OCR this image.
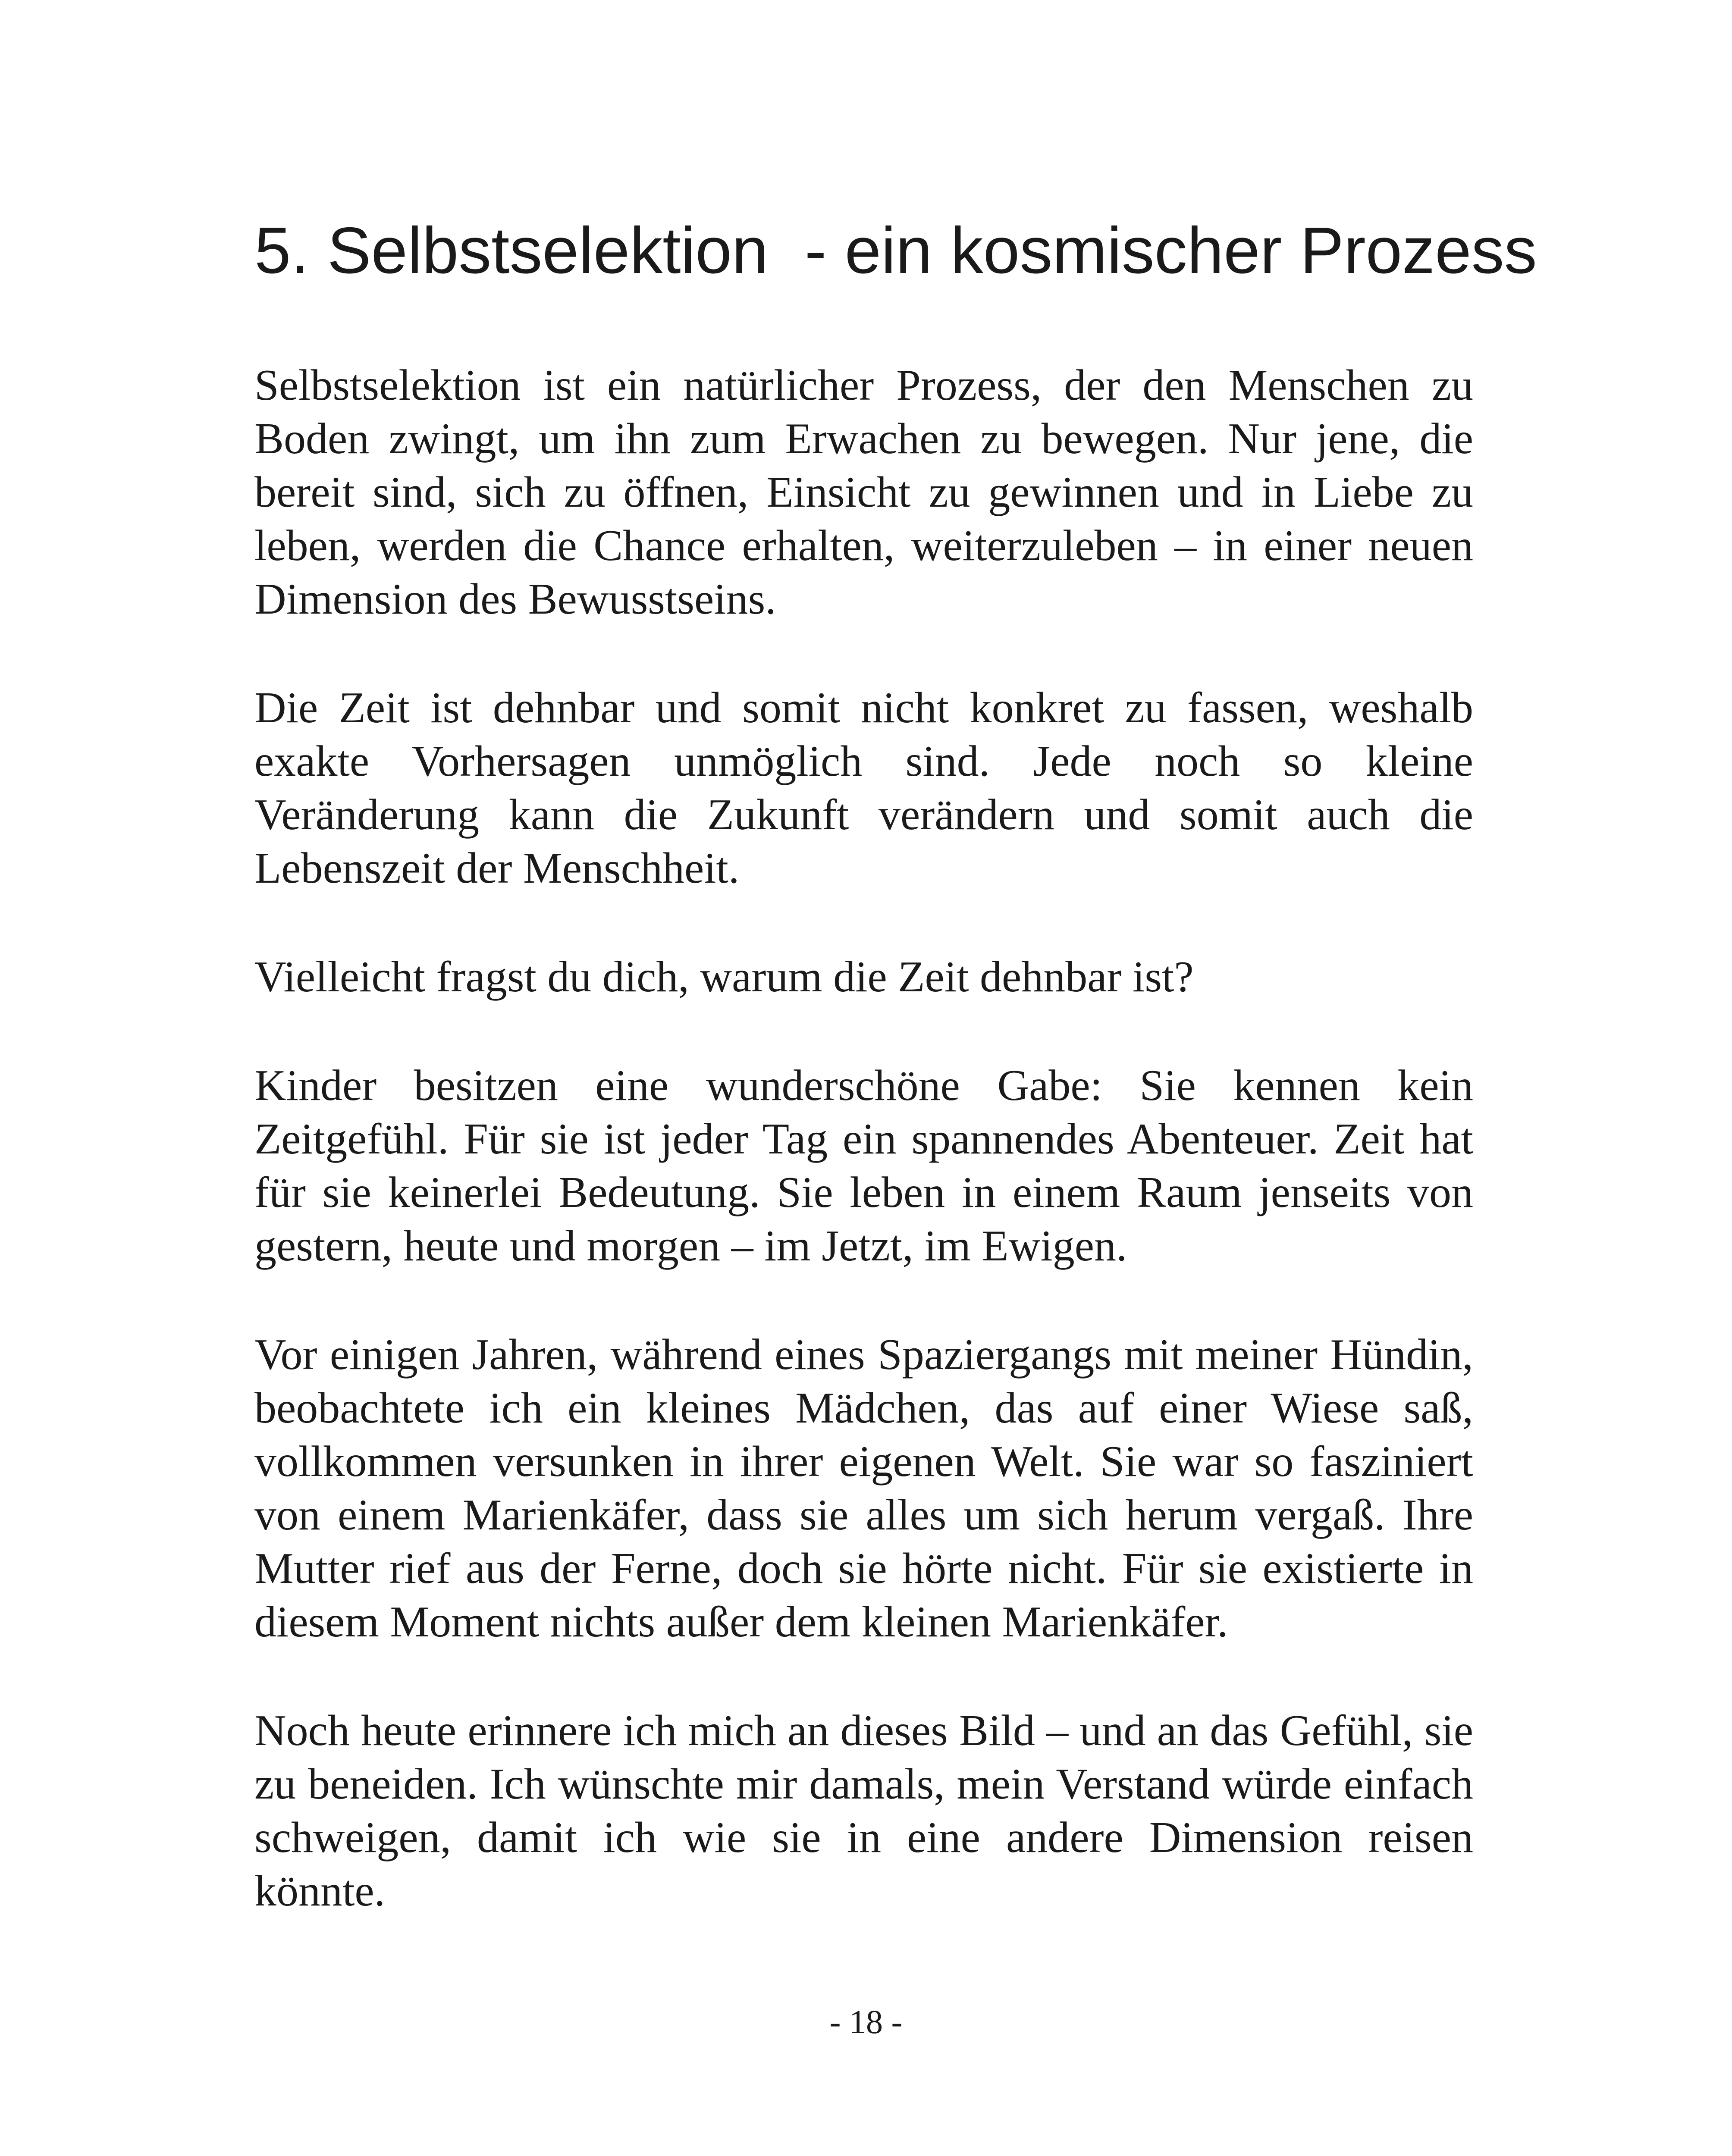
5. Selbstselektion  - ein kosmischer Prozess

Selbstselektion ist ein natürlicher Prozess, der den Menschen zu Boden zwingt, um ihn zum Erwachen zu bewegen. Nur jene, die bereit sind, sich zu öffnen, Einsicht zu gewinnen und in Liebe zu leben, werden die Chance erhalten, weiterzuleben – in einer neuen Dimension des Bewusstseins.

Die Zeit ist dehnbar und somit nicht konkret zu fassen, weshalb exakte Vorhersagen unmöglich sind. Jede noch so kleine Veränderung kann die Zukunft verändern und somit auch die Lebenszeit der Menschheit.

Vielleicht fragst du dich, warum die Zeit dehnbar ist?

Kinder besitzen eine wunderschöne Gabe: Sie kennen kein Zeitgefühl. Für sie ist jeder Tag ein spannendes Abenteuer. Zeit hat für sie keinerlei Bedeutung. Sie leben in einem Raum jenseits von gestern, heute und morgen – im Jetzt, im Ewigen.

Vor einigen Jahren, während eines Spaziergangs mit meiner Hündin, beobachtete ich ein kleines Mädchen, das auf einer Wiese saß, vollkommen versunken in ihrer eigenen Welt. Sie war so fasziniert von einem Marienkäfer, dass sie alles um sich herum vergaß. Ihre Mutter rief aus der Ferne, doch sie hörte nicht. Für sie existierte in diesem Moment nichts außer dem kleinen Marienkäfer.

Noch heute erinnere ich mich an dieses Bild – und an das Gefühl, sie zu beneiden. Ich wünschte mir damals, mein Verstand würde einfach schweigen, damit ich wie sie in eine andere Dimension reisen könnte.

- 18 -
